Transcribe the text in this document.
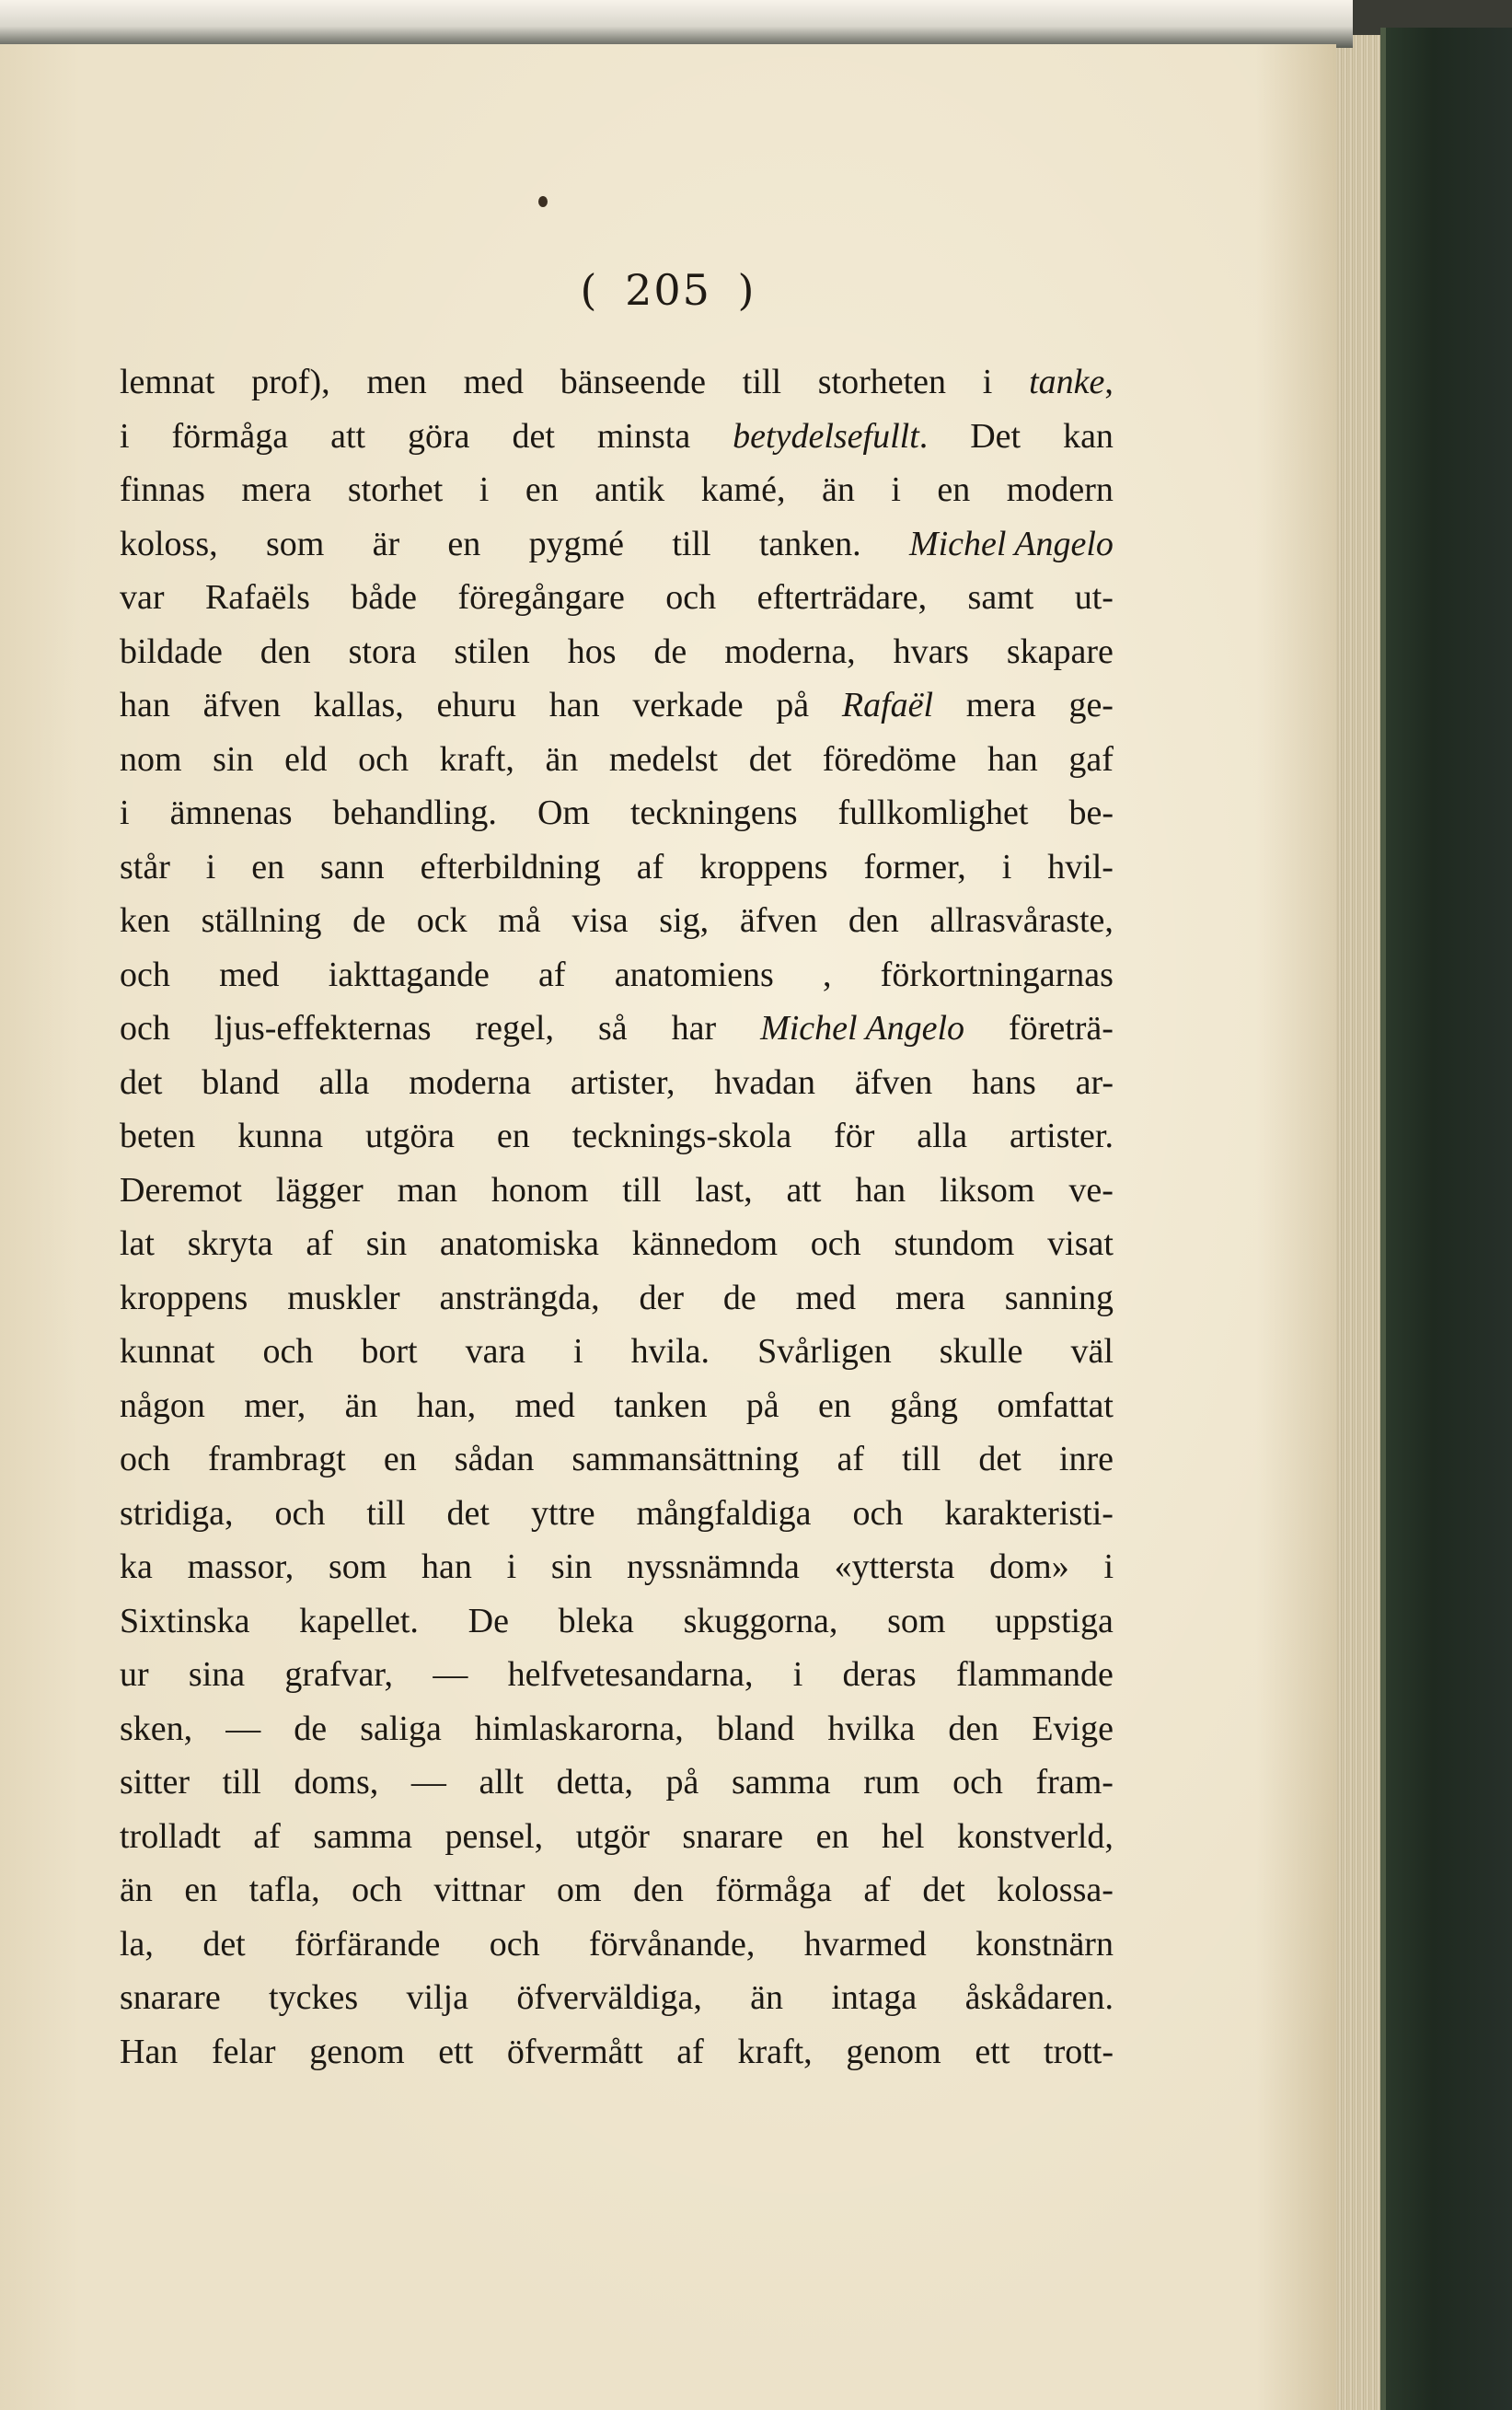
( 205 )
lemnat prof), men med bänseende till storheten i tanke,
i förmåga att göra det minsta betydelsefullt. Det kan
finnas mera storhet i en antik kamé, än i en modern
koloss, som är en pygmé till tanken. Michel Angelo
var Rafaëls både föregångare och efterträdare, samt ut-
bildade den stora stilen hos de moderna, hvars skapare
han äfven kallas, ehuru han verkade på Rafaël mera ge-
nom sin eld och kraft, än medelst det föredöme han gaf
i ämnenas behandling. Om teckningens fullkomlighet be-
står i en sann efterbildning af kroppens former, i hvil-
ken ställning de ock må visa sig, äfven den allrasvåraste,
och med iakttagande af anatomiens , förkortningarnas
och ljus-effekternas regel, så har Michel Angelo företrä-
det bland alla moderna artister, hvadan äfven hans ar-
beten kunna utgöra en tecknings-skola för alla artister.
Deremot lägger man honom till last, att han liksom ve-
lat skryta af sin anatomiska kännedom och stundom visat
kroppens muskler ansträngda, der de med mera sanning
kunnat och bort vara i hvila. Svårligen skulle väl
någon mer, än han, med tanken på en gång omfattat
och frambragt en sådan sammansättning af till det inre
stridiga, och till det yttre mångfaldiga och karakteristi-
ka massor, som han i sin nyssnämnda «yttersta dom» i
Sixtinska kapellet. De bleka skuggorna, som uppstiga
ur sina grafvar, — helfvetesandarna, i deras flammande
sken, — de saliga himlaskarorna, bland hvilka den Evige
sitter till doms, — allt detta, på samma rum och fram-
trolladt af samma pensel, utgör snarare en hel konstverld,
än en tafla, och vittnar om den förmåga af det kolossa-
la, det förfärande och förvånande, hvarmed konstnärn
snarare tyckes vilja öfverväldiga, än intaga åskådaren.
Han felar genom ett öfvermått af kraft, genom ett trott-
